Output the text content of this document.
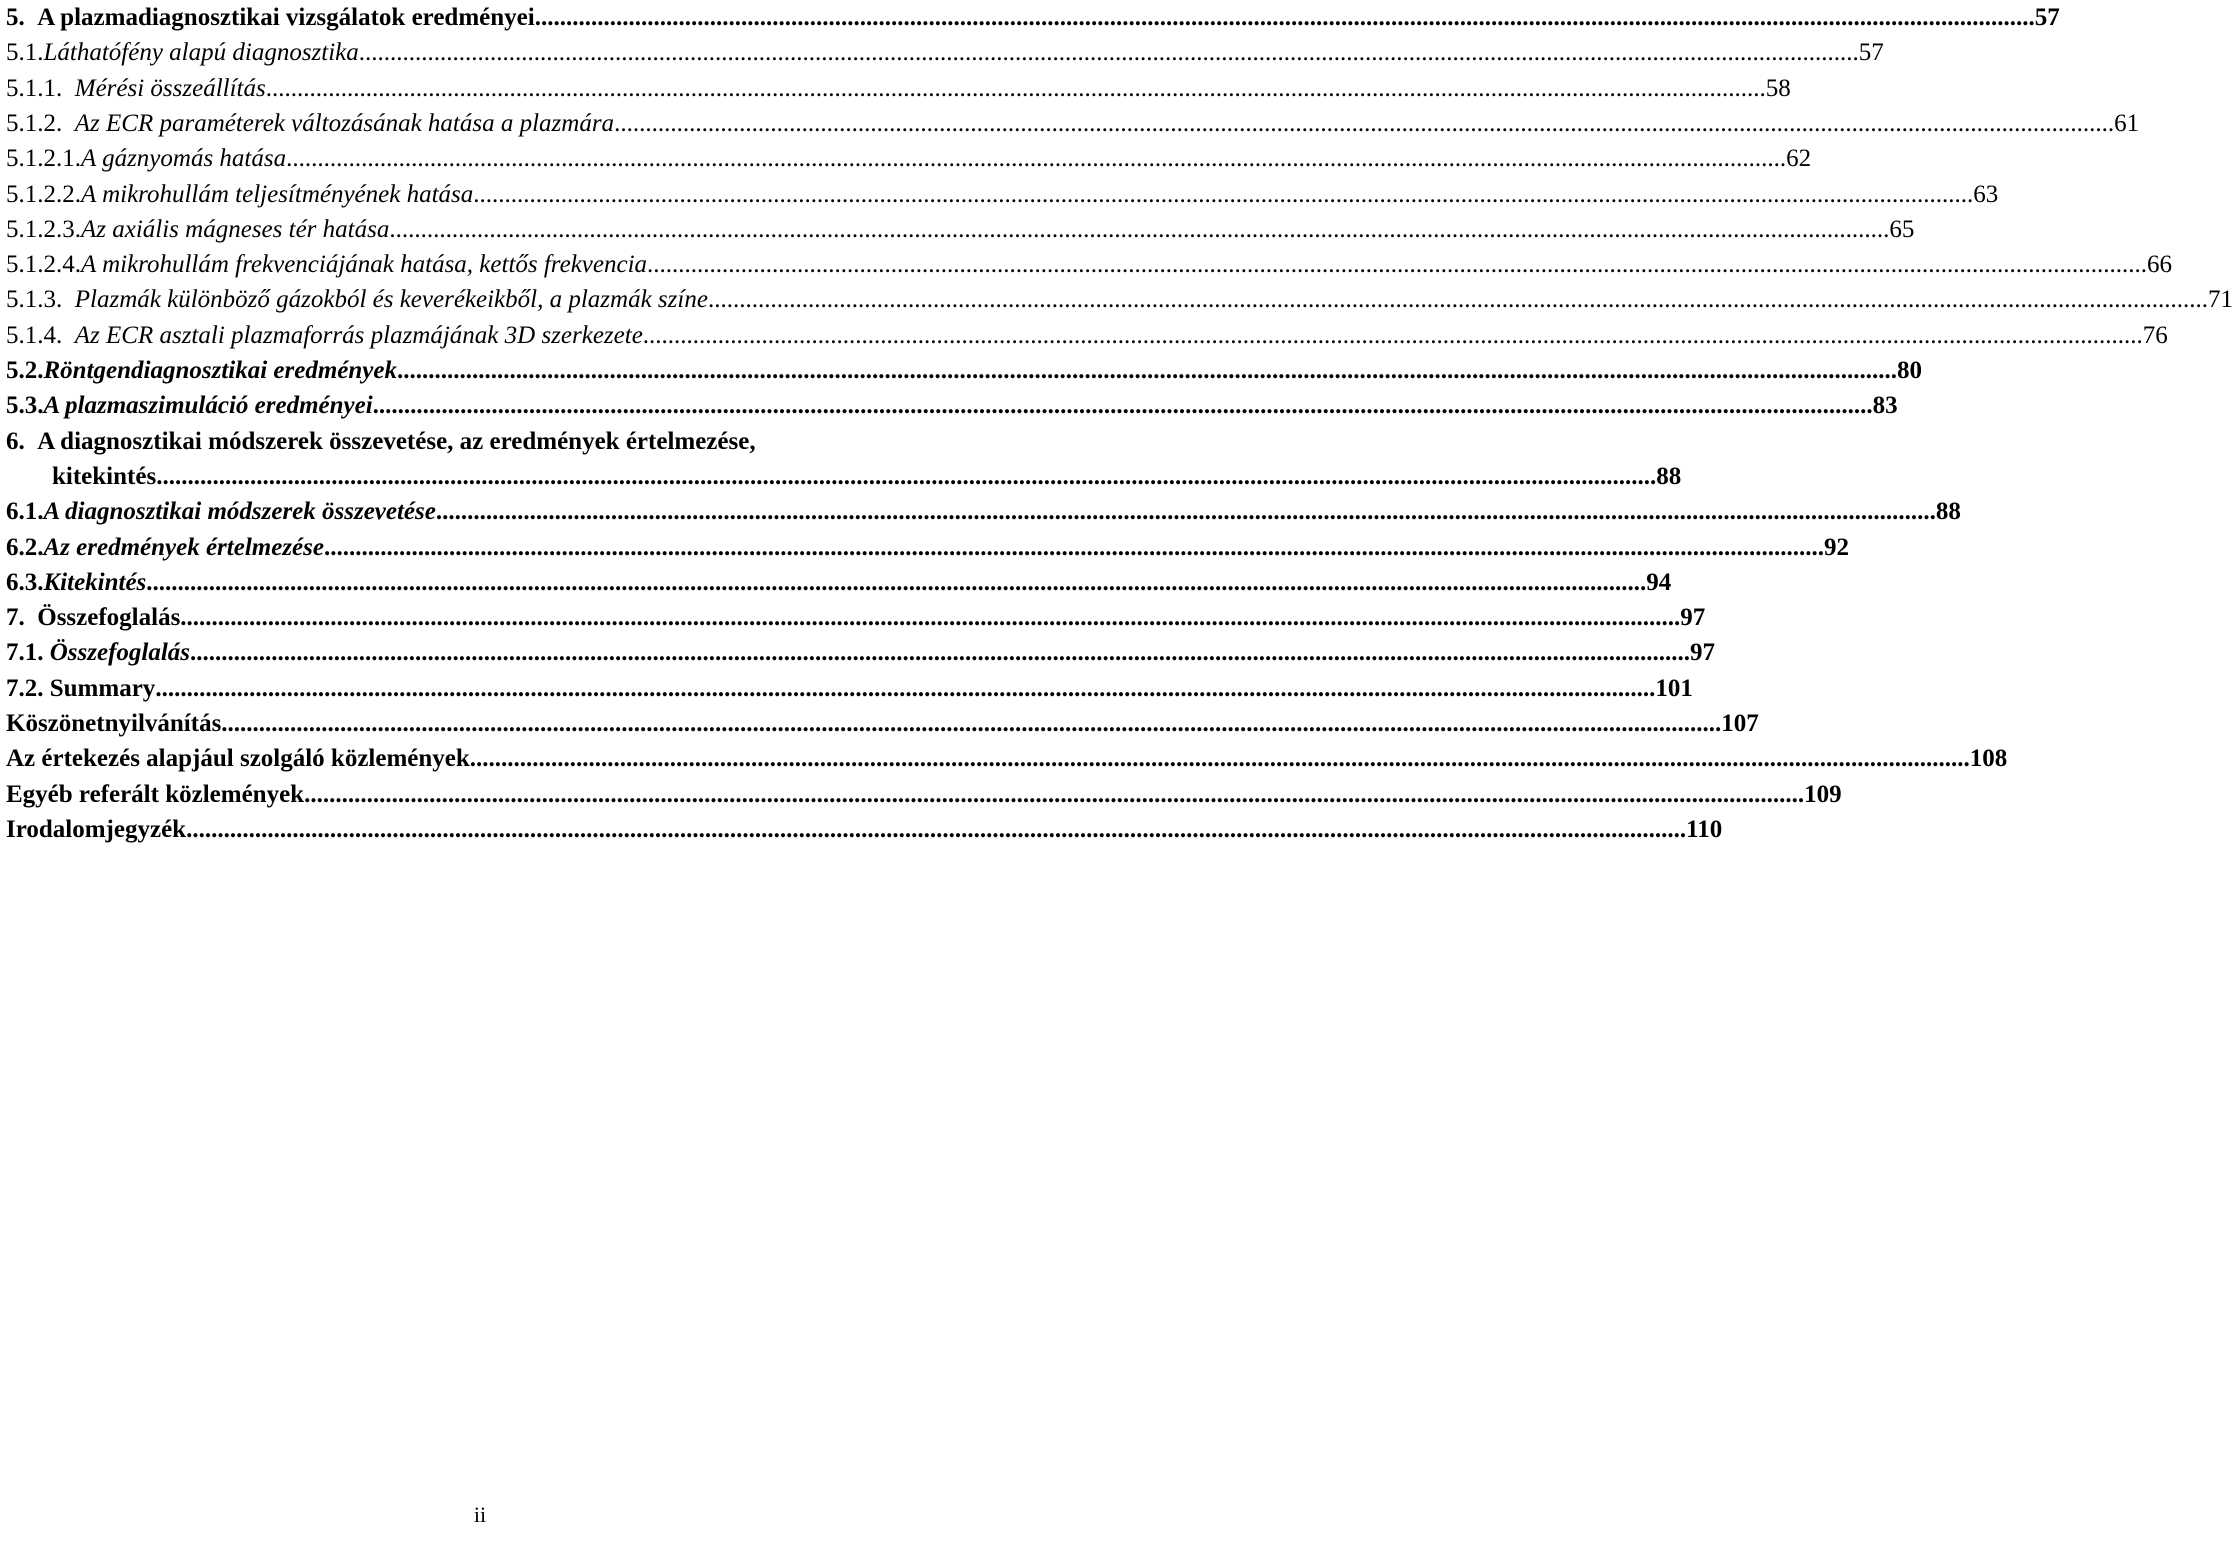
5. A plazmadiagnosztikai vizsgálatok eredményei .....	57
5.1. Láthatófény alapú diagnosztika .....	57
5.1.1. Mérési összeállítás .....	58
5.1.2. Az ECR paraméterek változásának hatása a plazmára .....	61
5.1.2.1. A gáznyomás hatása .....	62
5.1.2.2. A mikrohullám teljesítményének hatása .....	63
5.1.2.3. Az axiális mágneses tér hatása .....	65
5.1.2.4. A mikrohullám frekvenciájának hatása, kettős frekvencia .....	66
5.1.3. Plazmák különböző gázokból és keverékeikből, a plazmák színe .....	71
5.1.4. Az ECR asztali plazmaforrás plazmájának 3D szerkezete .....	76
5.2. Röntgendiagnosztikai eredmények .....	80
5.3. A plazmaszimuláció eredményei .....	83
6. A diagnosztikai módszerek összevetése, az eredmények értelmezése,
kitekintés .....	88
6.1. A diagnosztikai módszerek összevetése .....	88
6.2. Az eredmények értelmezése .....	92
6.3. Kitekintés .....	94
7. Összefoglalás .....	97
7.1. Összefoglalás .....	97
7.2. Summary .....	101
Köszönetnyilvánítás .....	107
Az értekezés alapjául szolgáló közlemények .....	108
Egyéb referált közlemények .....	109
Irodalomjegyzék .....	110
ii
